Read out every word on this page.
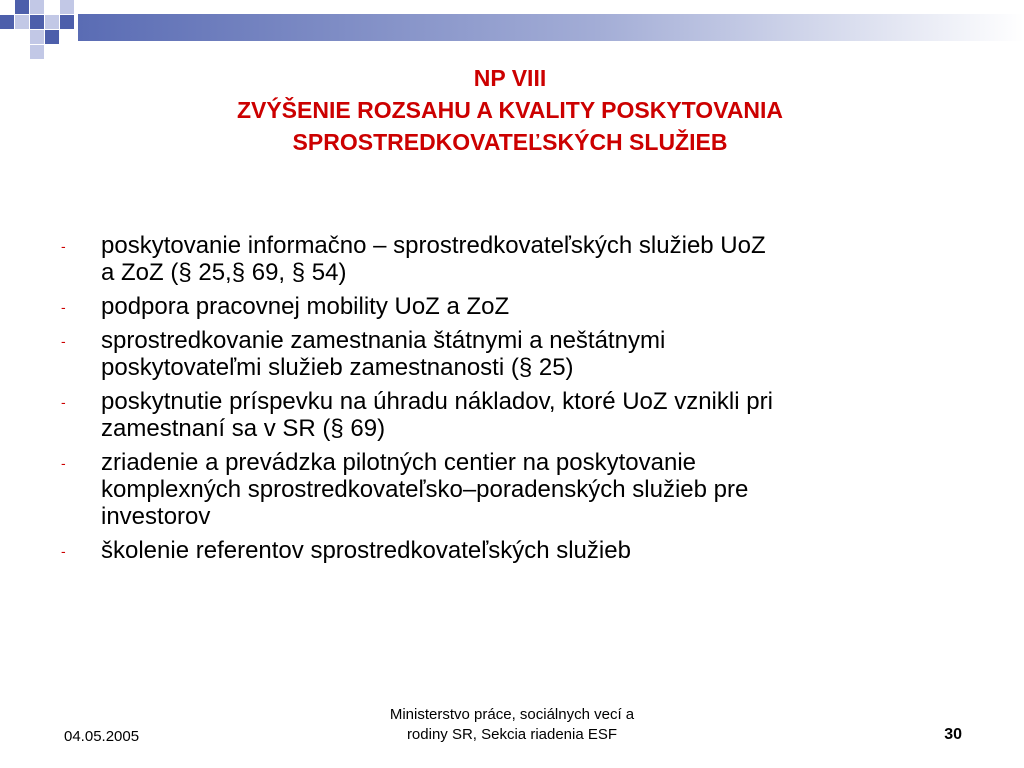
NP VIII
ZVÝŠENIE ROZSAHU A KVALITY POSKYTOVANIA
SPROSTREDKOVATEĽSKÝCH SLUŽIEB
- poskytovanie informačno – sprostredkovateľských služieb UoZ
a ZoZ (§ 25,§ 69, § 54)
- podpora pracovnej mobility UoZ a ZoZ
- sprostredkovanie zamestnania štátnymi a neštátnymi
poskytovateľmi služieb zamestnanosti (§ 25)
- poskytnutie príspevku na úhradu nákladov, ktoré UoZ vznikli pri
zamestnaní sa v SR (§ 69)
- zriadenie a prevádzka pilotných centier na poskytovanie
komplexných sprostredkovateľsko–poradenských služieb pre
investorov
- školenie referentov sprostredkovateľských služieb
04.05.2005
Ministerstvo práce, sociálnych vecí a
rodiny SR, Sekcia riadenia ESF	30
